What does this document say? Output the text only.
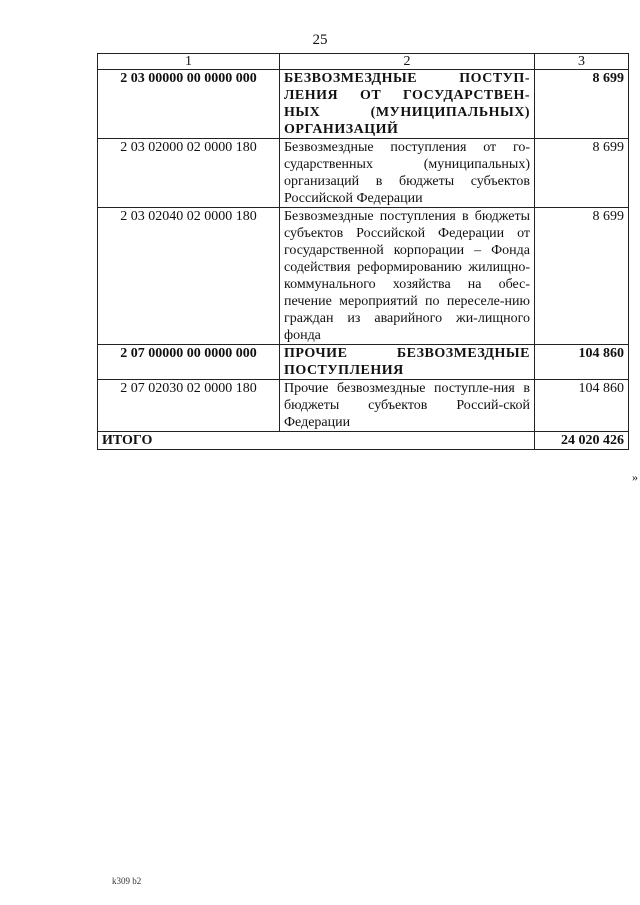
25
1	2	3
2 03 00000 00 0000 000	БЕЗВОЗМЕЗДНЫЕ ПОСТУП-ЛЕНИЯ ОТ ГОСУДАРСТВЕН-НЫХ (МУНИЦИПАЛЬНЫХ) ОРГАНИЗАЦИЙ	8 699
2 03 02000 02 0000 180	Безвозмездные поступления от го-сударственных (муниципальных) организаций в бюджеты субъектов Российской Федерации	8 699
2 03 02040 02 0000 180	Безвозмездные поступления в бюджеты субъектов Российской Федерации от государственной корпорации – Фонда содействия реформированию жилищно-коммунального хозяйства на обес-печение мероприятий по переселе-нию граждан из аварийного жи-лищного фонда	8 699
2 07 00000 00 0000 000	ПРОЧИЕ БЕЗВОЗМЕЗДНЫЕ ПОСТУПЛЕНИЯ	104 860
2 07 02030 02 0000 180	Прочие безвозмездные поступле-ния в бюджеты субъектов Россий-ской Федерации	104 860
ИТОГО		24 020 426
»
k309 b2
